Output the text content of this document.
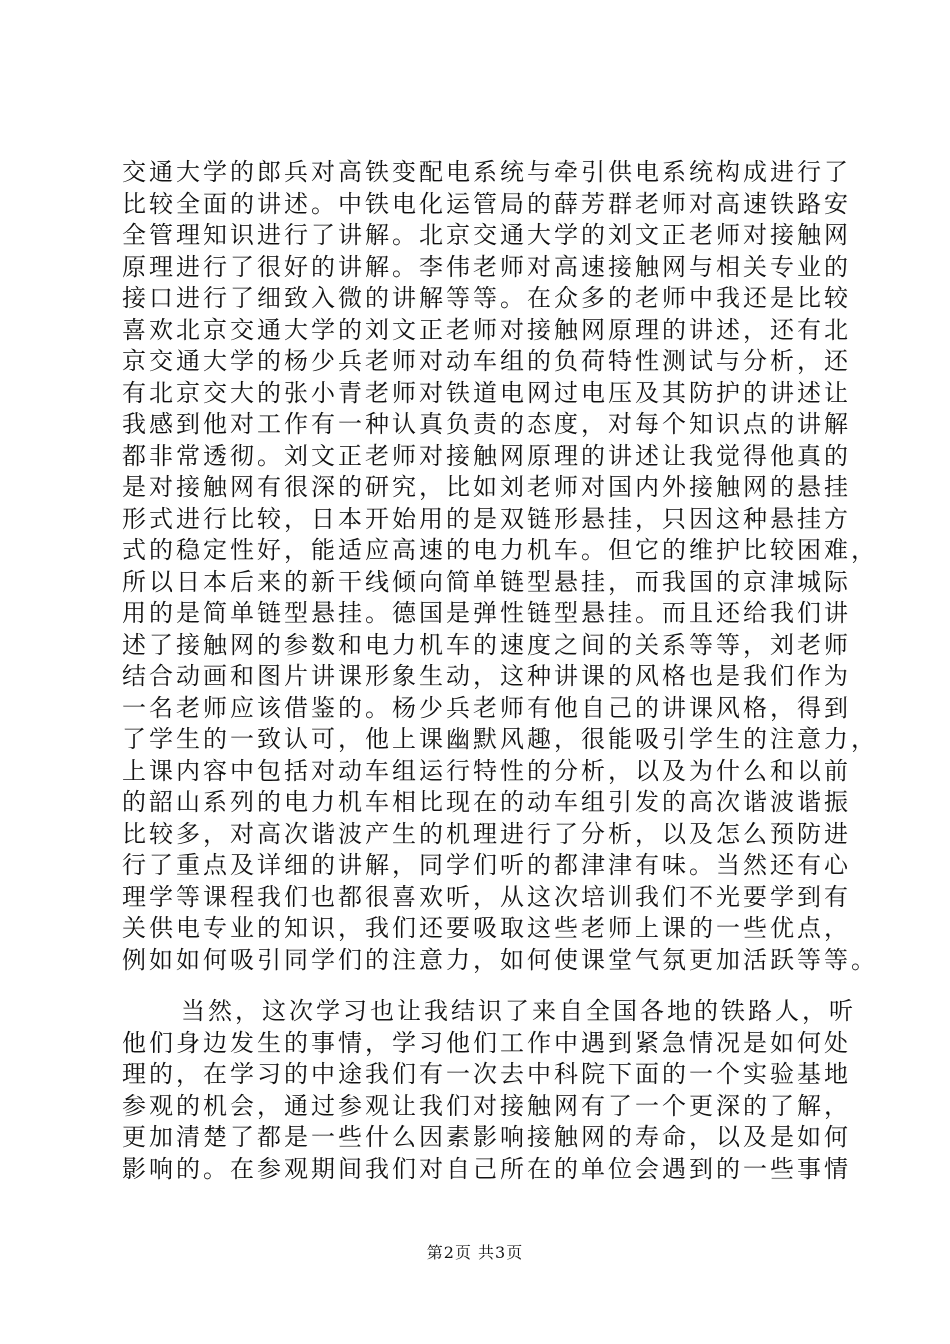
交通大学的郎兵对高铁变配电系统与牵引供电系统构成进行了
比较全面的讲述。中铁电化运管局的薛芳群老师对高速铁路安
全管理知识进行了讲解。北京交通大学的刘文正老师对接触网
原理进行了很好的讲解。李伟老师对高速接触网与相关专业的
接口进行了细致入微的讲解等等。在众多的老师中我还是比较
喜欢北京交通大学的刘文正老师对接触网原理的讲述，还有北
京交通大学的杨少兵老师对动车组的负荷特性测试与分析，还
有北京交大的张小青老师对铁道电网过电压及其防护的讲述让
我感到他对工作有一种认真负责的态度，对每个知识点的讲解
都非常透彻。刘文正老师对接触网原理的讲述让我觉得他真的
是对接触网有很深的研究，比如刘老师对国内外接触网的悬挂
形式进行比较，日本开始用的是双链形悬挂，只因这种悬挂方
式的稳定性好，能适应高速的电力机车。但它的维护比较困难，
所以日本后来的新干线倾向简单链型悬挂，而我国的京津城际
用的是简单链型悬挂。德国是弹性链型悬挂。而且还给我们讲
述了接触网的参数和电力机车的速度之间的关系等等，刘老师
结合动画和图片讲课形象生动，这种讲课的风格也是我们作为
一名老师应该借鉴的。杨少兵老师有他自己的讲课风格，得到
了学生的一致认可，他上课幽默风趣，很能吸引学生的注意力，
上课内容中包括对动车组运行特性的分析，以及为什么和以前
的韶山系列的电力机车相比现在的动车组引发的高次谐波谐振
比较多，对高次谐波产生的机理进行了分析，以及怎么预防进
行了重点及详细的讲解，同学们听的都津津有味。当然还有心
理学等课程我们也都很喜欢听，从这次培训我们不光要学到有
关供电专业的知识，我们还要吸取这些老师上课的一些优点，
例如如何吸引同学们的注意力，如何使课堂气氛更加活跃等等。
当然，这次学习也让我结识了来自全国各地的铁路人，听
他们身边发生的事情，学习他们工作中遇到紧急情况是如何处
理的，在学习的中途我们有一次去中科院下面的一个实验基地
参观的机会，通过参观让我们对接触网有了一个更深的了解，
更加清楚了都是一些什么因素影响接触网的寿命，以及是如何
影响的。在参观期间我们对自己所在的单位会遇到的一些事情
第2页 共3页
